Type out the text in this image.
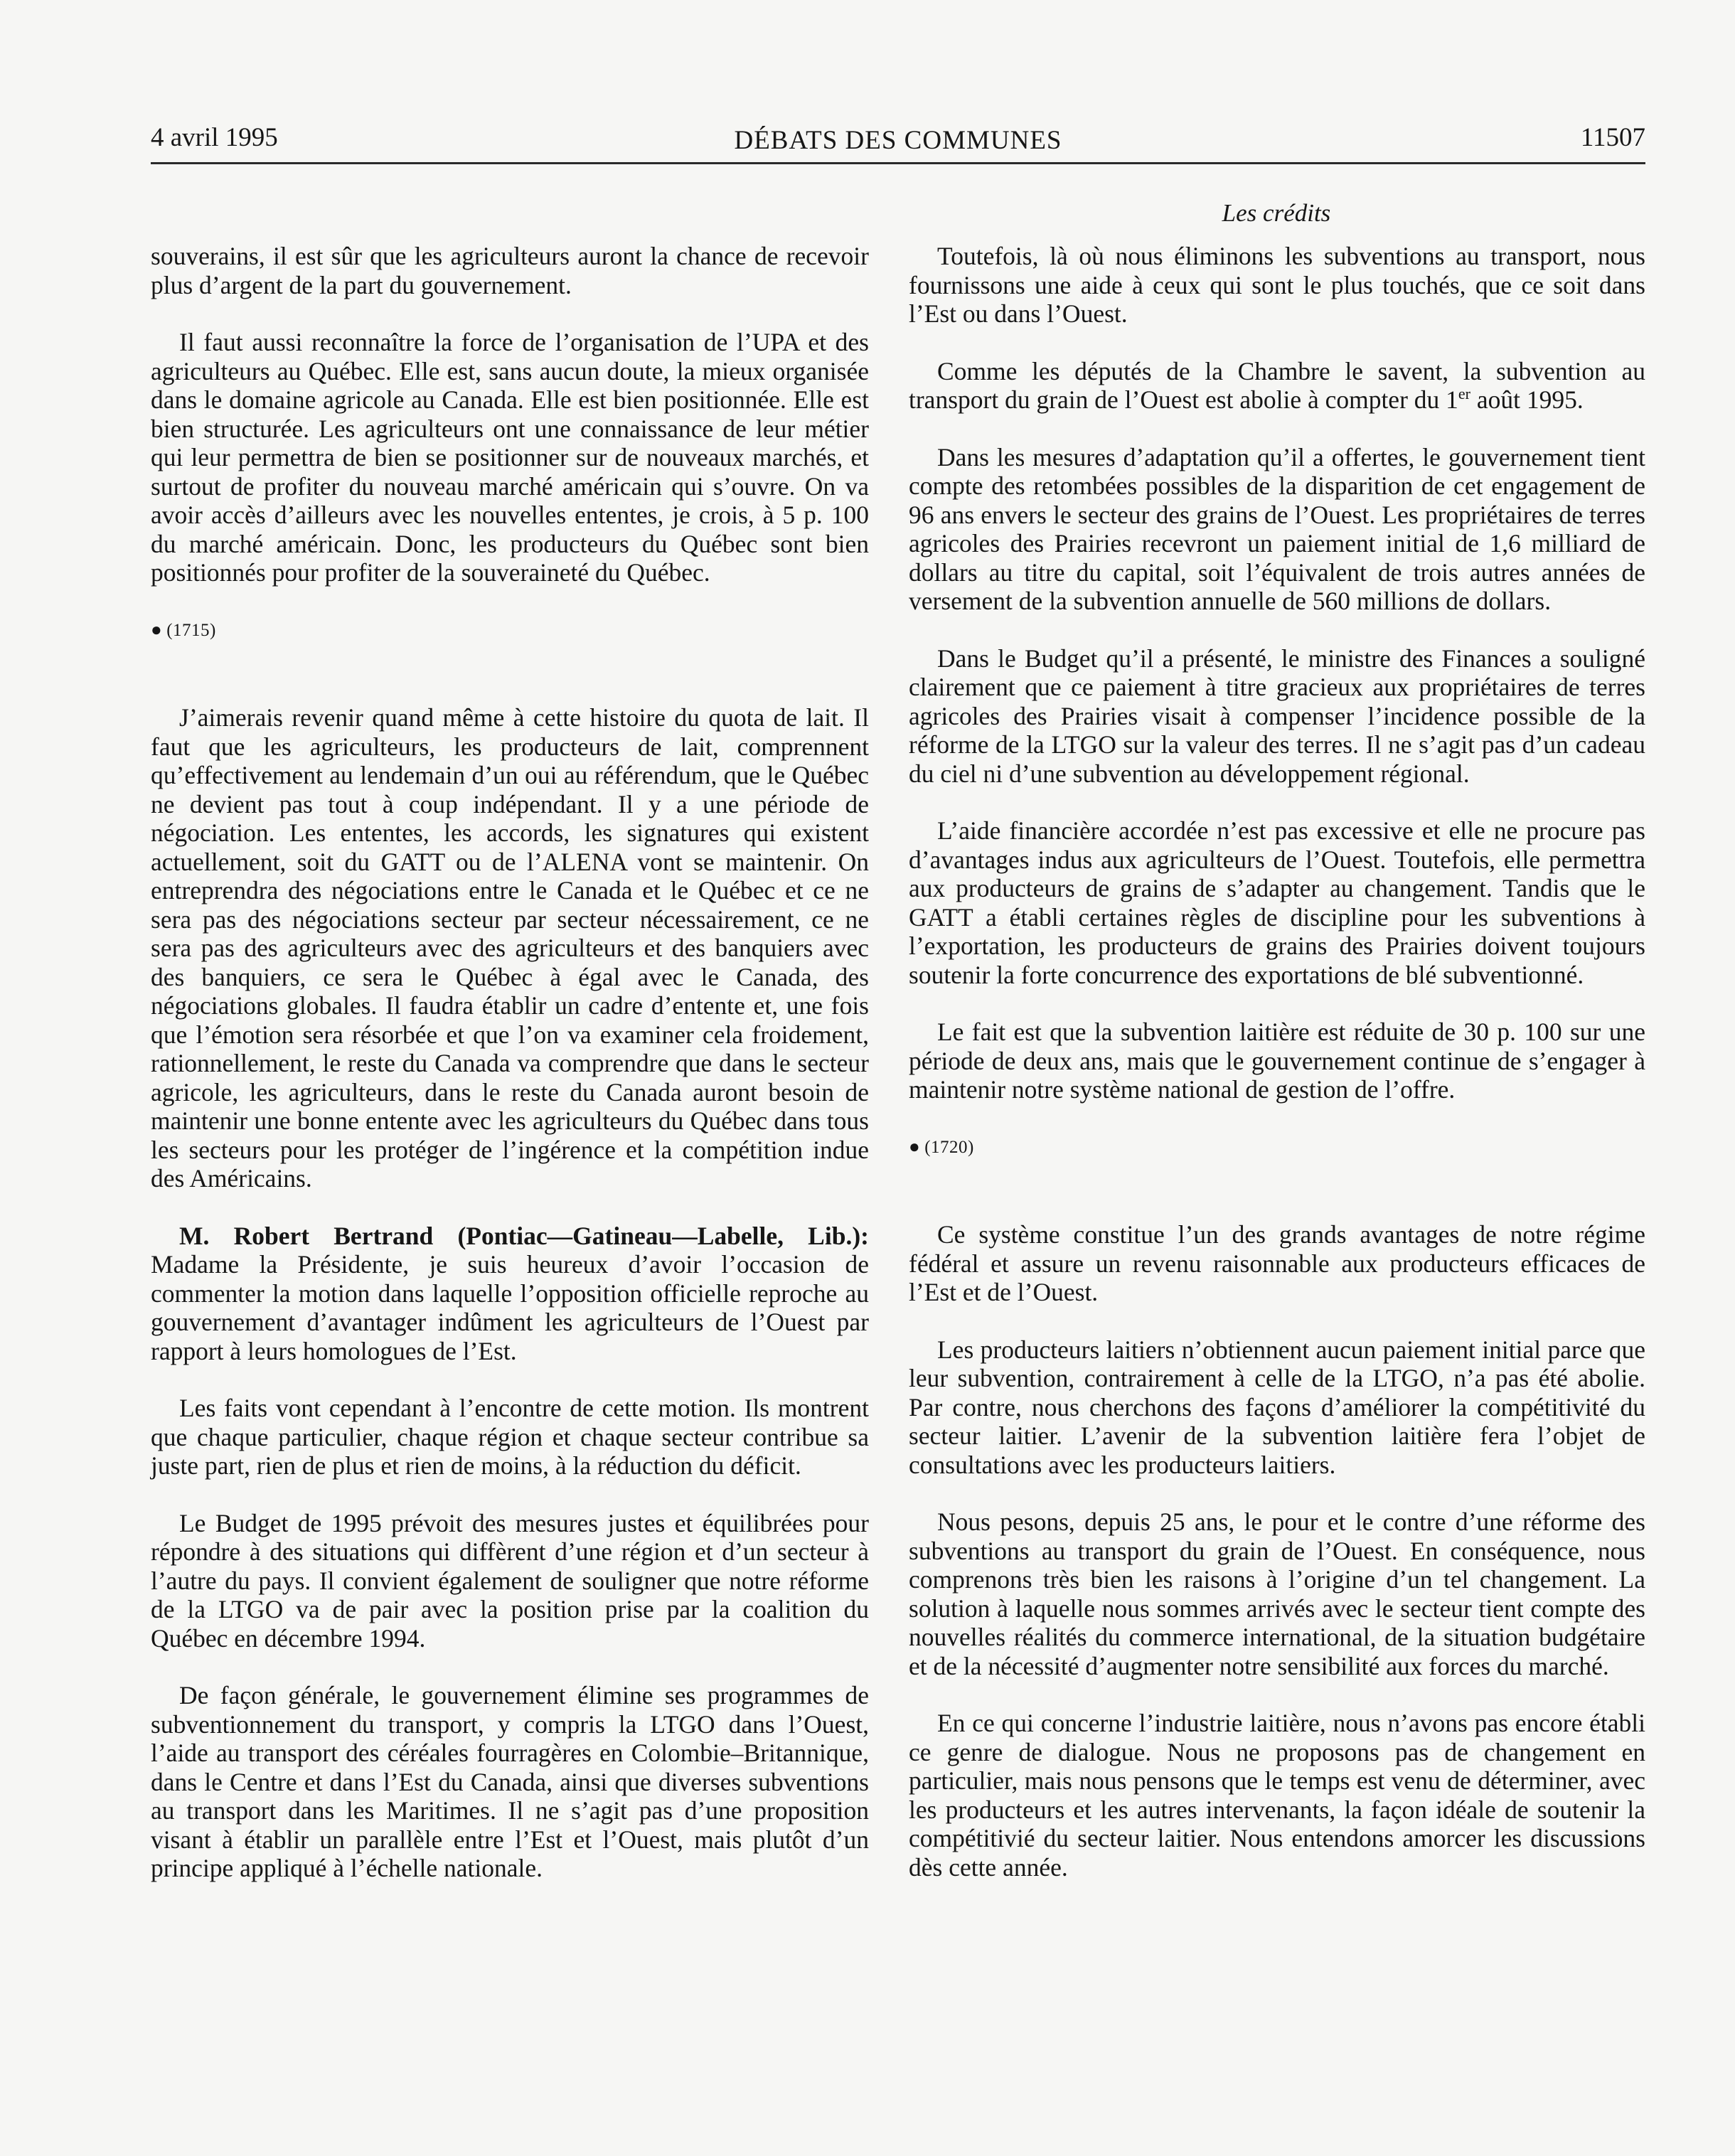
4 avril 1995	DÉBATS DES COMMUNES	11507
Les crédits

souverains, il est sûr que les agriculteurs auront la chance de recevoir plus d’argent de la part du gouvernement.

Il faut aussi reconnaître la force de l’organisation de l’UPA et des agriculteurs au Québec. Elle est, sans aucun doute, la mieux organisée dans le domaine agricole au Canada. Elle est bien positionnée. Elle est bien structurée. Les agriculteurs ont une connaissance de leur métier qui leur permettra de bien se positionner sur de nouveaux marchés, et surtout de profiter du nouveau marché américain qui s’ouvre. On va avoir accès d’ailleurs avec les nouvelles ententes, je crois, à 5 p. 100 du marché américain. Donc, les producteurs du Québec sont bien positionnés pour profiter de la souveraineté du Québec.

● (1715)

J’aimerais revenir quand même à cette histoire du quota de lait. Il faut que les agriculteurs, les producteurs de lait, comprennent qu’effectivement au lendemain d’un oui au référendum, que le Québec ne devient pas tout à coup indépendant. Il y a une période de négociation. Les ententes, les accords, les signatures qui existent actuellement, soit du GATT ou de l’ALENA vont se maintenir. On entreprendra des négociations entre le Canada et le Québec et ce ne sera pas des négociations secteur par secteur nécessairement, ce ne sera pas des agriculteurs avec des agriculteurs et des banquiers avec des banquiers, ce sera le Québec à égal avec le Canada, des négociations globales. Il faudra établir un cadre d’entente et, une fois que l’émotion sera résorbée et que l’on va examiner cela froidement, rationnellement, le reste du Canada va comprendre que dans le secteur agricole, les agriculteurs, dans le reste du Canada auront besoin de maintenir une bonne entente avec les agriculteurs du Québec dans tous les secteurs pour les protéger de l’ingérence et la compétition indue des Américains.

M. Robert Bertrand (Pontiac—Gatineau—Labelle, Lib.): Madame la Présidente, je suis heureux d’avoir l’occasion de commenter la motion dans laquelle l’opposition officielle reproche au gouvernement d’avantager indûment les agriculteurs de l’Ouest par rapport à leurs homologues de l’Est.

Les faits vont cependant à l’encontre de cette motion. Ils montrent que chaque particulier, chaque région et chaque secteur contribue sa juste part, rien de plus et rien de moins, à la réduction du déficit.

Le Budget de 1995 prévoit des mesures justes et équilibrées pour répondre à des situations qui diffèrent d’une région et d’un secteur à l’autre du pays. Il convient également de souligner que notre réforme de la LTGO va de pair avec la position prise par la coalition du Québec en décembre 1994.

De façon générale, le gouvernement élimine ses programmes de subventionnement du transport, y compris la LTGO dans l’Ouest, l’aide au transport des céréales fourragères en Colombie–Britannique, dans le Centre et dans l’Est du Canada, ainsi que diverses subventions au transport dans les Maritimes. Il ne s’agit pas d’une proposition visant à établir un parallèle entre l’Est et l’Ouest, mais plutôt d’un principe appliqué à l’échelle nationale.

Toutefois, là où nous éliminons les subventions au transport, nous fournissons une aide à ceux qui sont le plus touchés, que ce soit dans l’Est ou dans l’Ouest.

Comme les députés de la Chambre le savent, la subvention au transport du grain de l’Ouest est abolie à compter du 1er août 1995.

Dans les mesures d’adaptation qu’il a offertes, le gouvernement tient compte des retombées possibles de la disparition de cet engagement de 96 ans envers le secteur des grains de l’Ouest. Les propriétaires de terres agricoles des Prairies recevront un paiement initial de 1,6 milliard de dollars au titre du capital, soit l’équivalent de trois autres années de versement de la subvention annuelle de 560 millions de dollars.

Dans le Budget qu’il a présenté, le ministre des Finances a souligné clairement que ce paiement à titre gracieux aux propriétaires de terres agricoles des Prairies visait à compenser l’incidence possible de la réforme de la LTGO sur la valeur des terres. Il ne s’agit pas d’un cadeau du ciel ni d’une subvention au développement régional.

L’aide financière accordée n’est pas excessive et elle ne procure pas d’avantages indus aux agriculteurs de l’Ouest. Toutefois, elle permettra aux producteurs de grains de s’adapter au changement. Tandis que le GATT a établi certaines règles de discipline pour les subventions à l’exportation, les producteurs de grains des Prairies doivent toujours soutenir la forte concurrence des exportations de blé subventionné.

Le fait est que la subvention laitière est réduite de 30 p. 100 sur une période de deux ans, mais que le gouvernement continue de s’engager à maintenir notre système national de gestion de l’offre.

● (1720)

Ce système constitue l’un des grands avantages de notre régime fédéral et assure un revenu raisonnable aux producteurs efficaces de l’Est et de l’Ouest.

Les producteurs laitiers n’obtiennent aucun paiement initial parce que leur subvention, contrairement à celle de la LTGO, n’a pas été abolie. Par contre, nous cherchons des façons d’améliorer la compétitivité du secteur laitier. L’avenir de la subvention laitière fera l’objet de consultations avec les producteurs laitiers.

Nous pesons, depuis 25 ans, le pour et le contre d’une réforme des subventions au transport du grain de l’Ouest. En conséquence, nous comprenons très bien les raisons à l’origine d’un tel changement. La solution à laquelle nous sommes arrivés avec le secteur tient compte des nouvelles réalités du commerce international, de la situation budgétaire et de la nécessité d’augmenter notre sensibilité aux forces du marché.

En ce qui concerne l’industrie laitière, nous n’avons pas encore établi ce genre de dialogue. Nous ne proposons pas de changement en particulier, mais nous pensons que le temps est venu de déterminer, avec les producteurs et les autres intervenants, la façon idéale de soutenir la compétitivié du secteur laitier. Nous entendons amorcer les discussions dès cette année.
